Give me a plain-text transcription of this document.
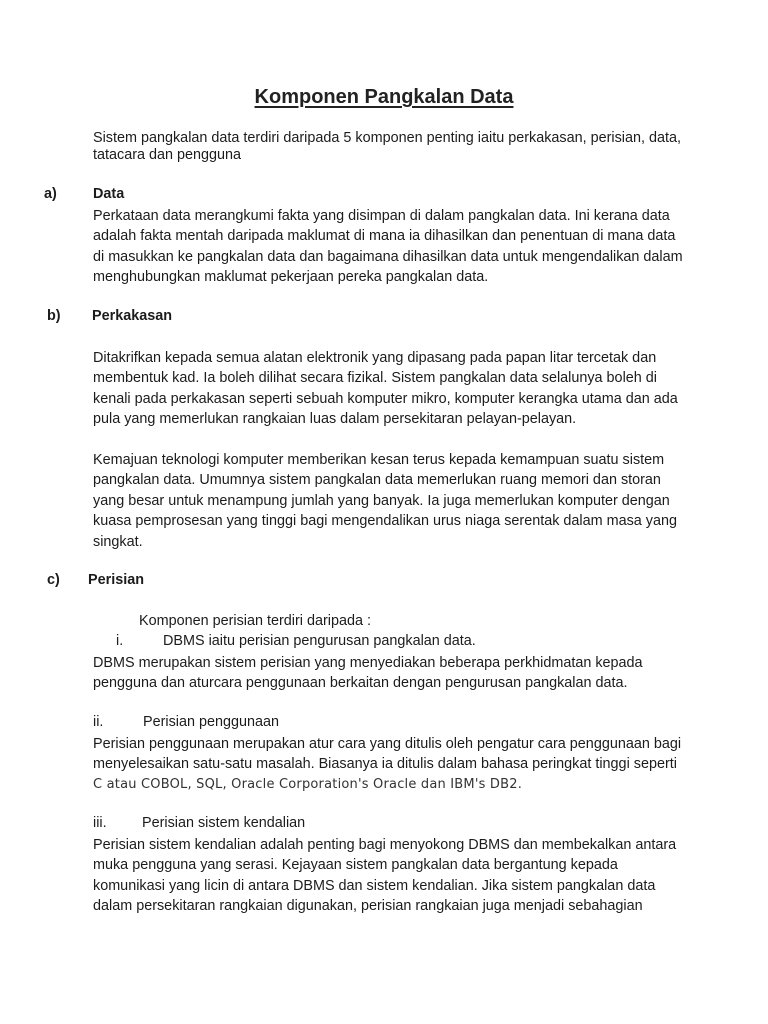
Komponen Pangkalan Data
Sistem pangkalan data terdiri daripada 5 komponen penting iaitu perkakasan, perisian, data,
tatacara dan pengguna
a)	Data
Perkataan data merangkumi fakta yang disimpan di dalam pangkalan data. Ini kerana data
adalah fakta mentah daripada maklumat di mana ia dihasilkan dan penentuan di mana data
di masukkan ke pangkalan data dan bagaimana dihasilkan data untuk mengendalikan dalam
menghubungkan maklumat pekerjaan pereka pangkalan data.
b) Perkakasan
Ditakrifkan kepada semua alatan elektronik yang dipasang pada papan litar tercetak dan
membentuk kad. Ia boleh dilihat secara fizikal. Sistem pangkalan data selalunya boleh di
kenali pada perkakasan seperti sebuah komputer mikro, komputer kerangka utama dan ada
pula yang memerlukan rangkaian luas dalam persekitaran pelayan-pelayan.
Kemajuan teknologi komputer memberikan kesan terus kepada kemampuan suatu sistem
pangkalan data. Umumnya sistem pangkalan data memerlukan ruang memori dan storan
yang besar untuk menampung jumlah yang banyak. Ia juga memerlukan komputer dengan
kuasa pemprosesan yang tinggi bagi mengendalikan urus niaga serentak dalam masa yang
singkat.
c) Perisian
Komponen perisian terdiri daripada :
i.	DBMS iaitu perisian pengurusan pangkalan data.
DBMS merupakan sistem perisian yang menyediakan beberapa perkhidmatan kepada
pengguna dan aturcara penggunaan berkaitan dengan pengurusan pangkalan data.
ii.	Perisian penggunaan
Perisian penggunaan merupakan atur cara yang ditulis oleh pengatur cara penggunaan bagi
menyelesaikan satu-satu masalah. Biasanya ia ditulis dalam bahasa peringkat tinggi seperti
C atau COBOL, SQL, Oracle Corporation's Oracle dan IBM's DB2.
iii. Perisian sistem kendalian
Perisian sistem kendalian adalah penting bagi menyokong DBMS dan membekalkan antara
muka pengguna yang serasi. Kejayaan sistem pangkalan data bergantung kepada
komunikasi yang licin di antara DBMS dan sistem kendalian. Jika sistem pangkalan data
dalam persekitaran rangkaian digunakan, perisian rangkaian juga menjadi sebahagian
